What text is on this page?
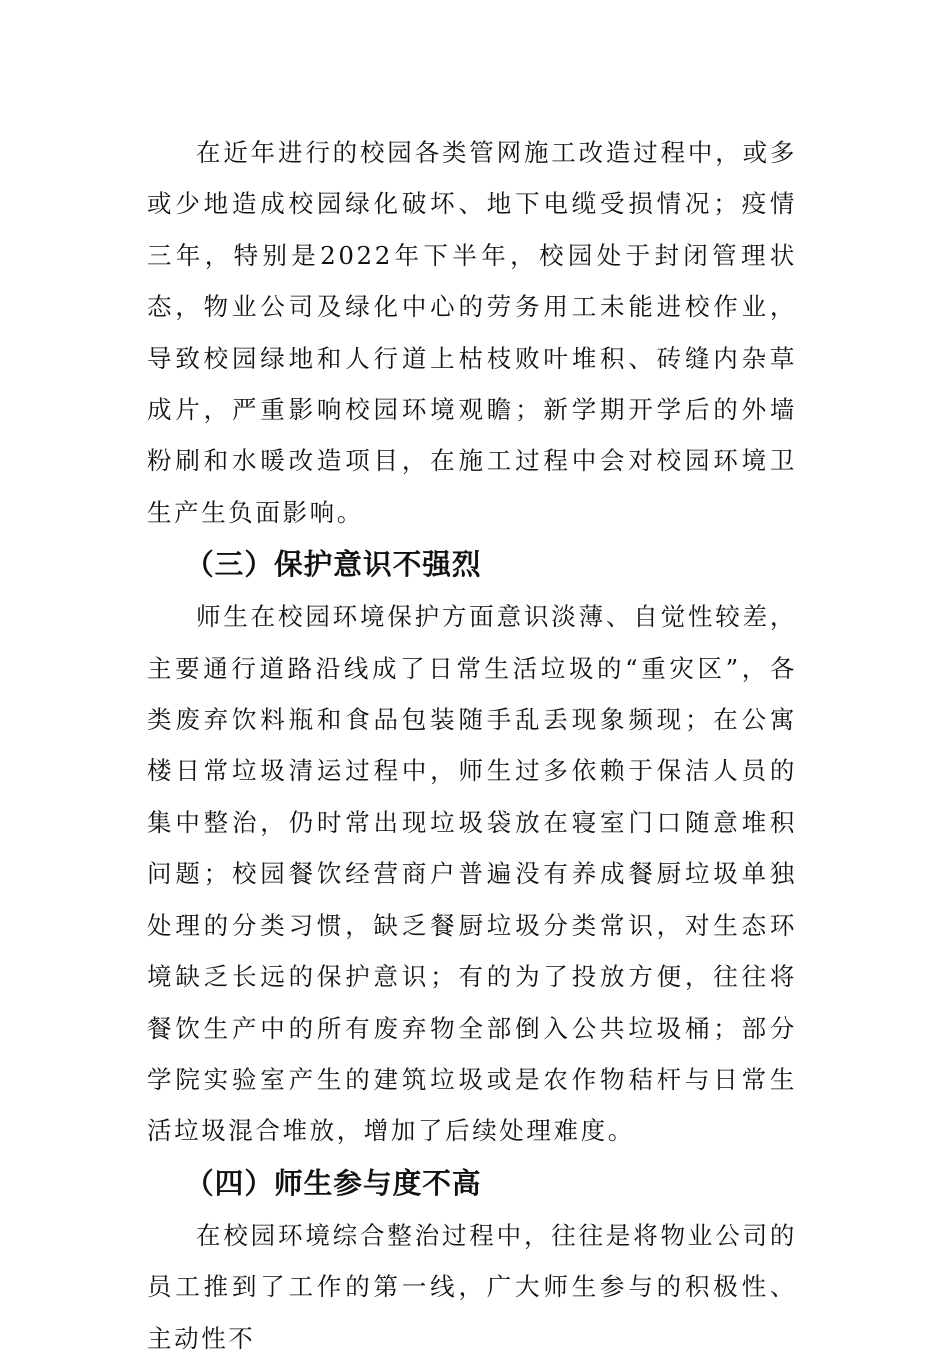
在近年进行的校园各类管网施工改造过程中，或多或少地造成校园绿化破坏、地下电缆受损情况；疫情三年，特别是2022年下半年，校园处于封闭管理状态，物业公司及绿化中心的劳务用工未能进校作业，导致校园绿地和人行道上枯枝败叶堆积、砖缝内杂草成片，严重影响校园环境观瞻；新学期开学后的外墙粉刷和水暖改造项目，在施工过程中会对校园环境卫生产生负面影响。

（三）保护意识不强烈

师生在校园环境保护方面意识淡薄、自觉性较差，主要通行道路沿线成了日常生活垃圾的“重灾区”，各类废弃饮料瓶和食品包装随手乱丢现象频现；在公寓楼日常垃圾清运过程中，师生过多依赖于保洁人员的集中整治，仍时常出现垃圾袋放在寝室门口随意堆积问题；校园餐饮经营商户普遍没有养成餐厨垃圾单独处理的分类习惯，缺乏餐厨垃圾分类常识，对生态环境缺乏长远的保护意识；有的为了投放方便，往往将餐饮生产中的所有废弃物全部倒入公共垃圾桶；部分学院实验室产生的建筑垃圾或是农作物秸杆与日常生活垃圾混合堆放，增加了后续处理难度。

（四）师生参与度不高

在校园环境综合整治过程中，往往是将物业公司的员工推到了工作的第一线，广大师生参与的积极性、主动性不
